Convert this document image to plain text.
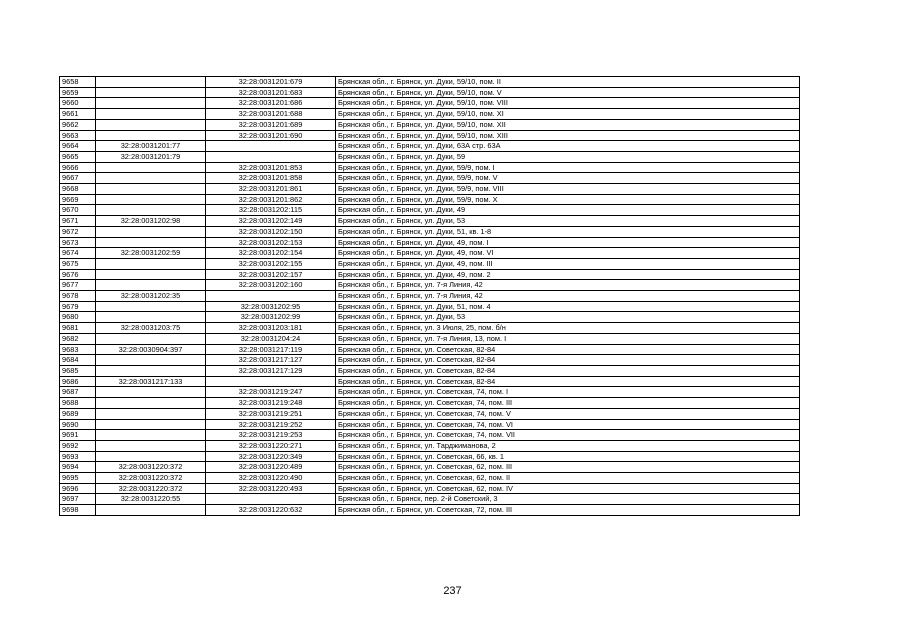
9658		32:28:0031201:679	Брянская обл., г. Брянск, ул. Дуки, 59/10, пом. II
9659		32:28:0031201:683	Брянская обл., г. Брянск, ул. Дуки, 59/10, пом. V
9660		32:28:0031201:686	Брянская обл., г. Брянск, ул. Дуки, 59/10, пом. VIII
9661		32:28:0031201:688	Брянская обл., г. Брянск, ул. Дуки, 59/10, пом. XI
9662		32:28:0031201:689	Брянская обл., г. Брянск, ул. Дуки, 59/10, пом. XII
9663		32:28:0031201:690	Брянская обл., г. Брянск, ул. Дуки, 59/10, пом. XIII
9664	32:28:0031201:77		Брянская обл., г. Брянск, ул. Дуки, 63А стр. 63А
9665	32:28:0031201:79		Брянская обл., г. Брянск, ул. Дуки, 59
9666		32:28:0031201:853	Брянская обл., г. Брянск, ул. Дуки, 59/9, пом. I
9667		32:28:0031201:858	Брянская обл., г. Брянск, ул. Дуки, 59/9, пом. V
9668		32:28:0031201:861	Брянская обл., г. Брянск, ул. Дуки, 59/9, пом. VIII
9669		32:28:0031201:862	Брянская обл., г. Брянск, ул. Дуки, 59/9, пом. X
9670		32:28:0031202:115	Брянская обл., г. Брянск, ул. Дуки, 49
9671	32:28:0031202:98	32:28:0031202:149	Брянская обл., г. Брянск, ул. Дуки, 53
9672		32:28:0031202:150	Брянская обл., г. Брянск, ул. Дуки, 51, кв. 1-8
9673		32:28:0031202:153	Брянская обл., г. Брянск, ул. Дуки, 49, пом. I
9674	32:28:0031202:59	32:28:0031202:154	Брянская обл., г. Брянск, ул. Дуки, 49, пом. VI
9675		32:28:0031202:155	Брянская обл., г. Брянск, ул. Дуки, 49, пом. III
9676		32:28:0031202:157	Брянская обл., г. Брянск, ул. Дуки, 49, пом. 2
9677		32:28:0031202:160	Брянская обл., г. Брянск, ул. 7-я Линия, 42
9678	32:28:0031202:35		Брянская обл., г. Брянск, ул. 7-я Линия, 42
9679		32:28:0031202:95	Брянская обл., г. Брянск, ул. Дуки, 51, пом. 4
9680		32:28:0031202:99	Брянская обл., г. Брянск, ул. Дуки, 53
9681	32:28:0031203:75	32:28:0031203:181	Брянская обл., г. Брянск, ул. 3 Июля, 25, пом. б/н
9682		32:28:0031204:24	Брянская обл., г. Брянск, ул. 7-я Линия, 13, пом. I
9683	32:28:0030904:397	32:28:0031217:119	Брянская обл., г. Брянск, ул. Советская, 82-84
9684		32:28:0031217:127	Брянская обл., г. Брянск, ул. Советская, 82-84
9685		32:28:0031217:129	Брянская обл., г. Брянск, ул. Советская, 82-84
9686	32:28:0031217:133		Брянская обл., г. Брянск, ул. Советская, 82-84
9687		32:28:0031219:247	Брянская обл., г. Брянск, ул. Советская, 74, пом. I
9688		32:28:0031219:248	Брянская обл., г. Брянск, ул. Советская, 74, пом. III
9689		32:28:0031219:251	Брянская обл., г. Брянск, ул. Советская, 74, пом. V
9690		32:28:0031219:252	Брянская обл., г. Брянск, ул. Советская, 74, пом. VI
9691		32:28:0031219:253	Брянская обл., г. Брянск, ул. Советская, 74, пом. VII
9692		32:28:0031220:271	Брянская обл., г. Брянск, ул. Тарджиманова, 2
9693		32:28:0031220:349	Брянская обл., г. Брянск, ул. Советская, 66, кв. 1
9694	32:28:0031220:372	32:28:0031220:489	Брянская обл., г. Брянск, ул. Советская, 62, пом. III
9695	32:28:0031220:372	32:28:0031220:490	Брянская обл., г. Брянск, ул. Советская, 62, пом. II
9696	32:28:0031220:372	32:28:0031220:493	Брянская обл., г. Брянск, ул. Советская, 62, пом. IV
9697	32:28:0031220:55		Брянская обл., г. Брянск, пер. 2-й Советский, 3
9698		32:28:0031220:632	Брянская обл., г. Брянск, ул. Советская, 72, пом. III
237
